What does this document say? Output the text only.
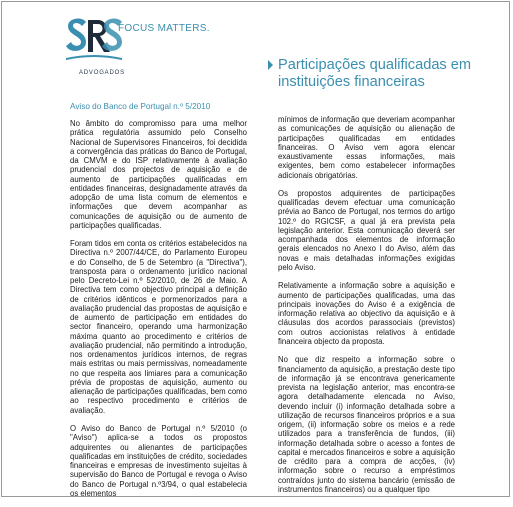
FOCUS MATTERS.
ADVOGADOS	Participações qualificadas em
instituições financeiras
Aviso do Banco de Portugal n.º 5/2010

No âmbito do compromisso para uma melhor prática regulatória assumido pelo Conselho Nacional de Supervisores Financeiros, foi decidida a convergência das práticas do Banco de Portugal, da CMVM e do ISP relativamente à avaliação prudencial dos projectos de aquisição e de aumento de participações qualificadas em entidades financeiras, designadamente através da adopção de uma lista comum de elementos e informações que devem acompanhar as comunicações de aquisição ou de aumento de participações qualificadas.

Foram tidos em conta os critérios estabelecidos na Directiva n.º 2007/44/CE, do Parlamento Europeu e do Conselho, de 5 de Setembro (a "Directiva"), transposta para o ordenamento jurídico nacional pelo Decreto-Lei n.º 52/2010, de 26 de Maio. A Directiva tem como objectivo principal a definição de critérios idênticos e pormenorizados para a avaliação prudencial das propostas de aquisição e de aumento de participação em entidades do sector financeiro, operando uma harmonização máxima quanto ao procedimento e critérios de avaliação prudencial, não permitindo a introdução, nos ordenamentos jurídicos internos, de regras mais estritas ou mais permissivas, nomeadamente no que respeita aos limiares para a comunicação prévia de propostas de aquisição, aumento ou alienação de participações qualificadas, bem como ao respectivo procedimento e critérios de avaliação.

O Aviso do Banco de Portugal n.º 5/2010 (o "Aviso") aplica-se a todos os propostos adquirentes ou alienantes de participações qualificadas em instituições de crédito, sociedades financeiras e empresas de investimento sujeitas à supervisão do Banco de Portugal e revoga o Aviso do Banco de Portugal n.º3/94, o qual estabelecia os elementos

mínimos de informação que deveriam acompanhar as comunicações de aquisição ou alienação de participações qualificadas em entidades financeiras. O Aviso vem agora elencar exaustivamente essas informações, mais exigentes, bem como estabelecer informações adicionais obrigatórias.

Os propostos adquirentes de participações qualificadas devem efectuar uma comunicação prévia ao Banco de Portugal, nos termos do artigo 102.º do RGICSF, a qual já era prevista pela legislação anterior. Esta comunicação deverá ser acompanhada dos elementos de informação gerais elencados no Anexo I do Aviso, além das novas e mais detalhadas informações exigidas pelo Aviso.

Relativamente a informação sobre a aquisição e aumento de participações qualificadas, uma das principais inovações do Aviso é a exigência de informação relativa ao objectivo da aquisição e à cláusulas dos acordos parassociais (previstos) com outros accionistas relativos à entidade financeira objecto da proposta.

No que diz respeito a informação sobre o financiamento da aquisição, a prestação deste tipo de informação já se encontrava genericamente prevista na legislação anterior, mas encontra-se agora detalhadamente elencada no Aviso, devendo incluir (i) informação detalhada sobre a utilização de recursos financeiros próprios e a sua origem, (ii) informação sobre os meios e a rede utilizados para a transferência de fundos, (iii) informação detalhada sobre o acesso a fontes de capital e mercados financeiros e sobre a aquisição de crédito para a compra de acções, (iv) informação sobre o recurso a empréstimos contraídos junto do sistema bancário (emissão de instrumentos financeiros) ou a qualquer tipo
